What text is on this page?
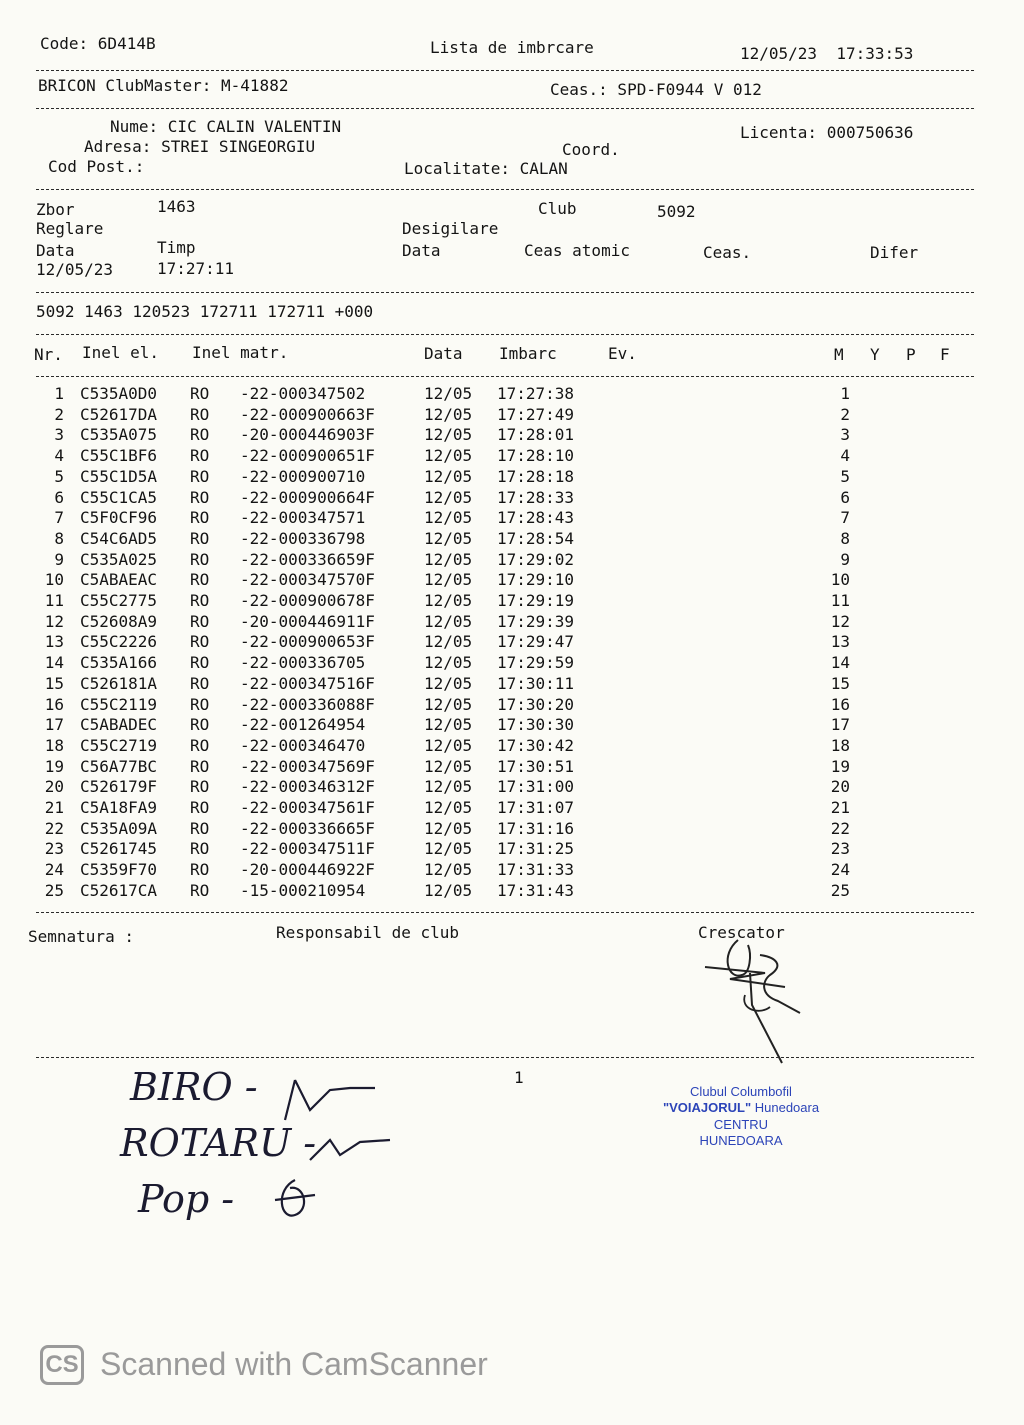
Code: 6D414B	Lista de imbrcare	12/05/23  17:33:53
BRICON ClubMaster: M-41882	Ceas.: SPD-F0944 V 012
Nume: CIC CALIN VALENTIN
Adresa: STREI SINGEORGIU
Cod Post.:
Licenta: 000750636
Coord.
Localitate: CALAN
Zbor	1463	Club	5092
Reglare	Desigilare
Data	Timp	Data	Ceas atomic	Ceas.	Difer
12/05/23	17:27:11
5092 1463 120523 172711 172711 +000
Nr. Inel el. Inel matr.	Data Imbarc	Ev.	M Y P F
1 C535A0D0 RO -22-000347502	12/05 17:27:38	1
2 C52617DA RO -22-000900663F	12/05 17:27:49	2
3 C535A075 RO -20-000446903F	12/05 17:28:01	3
4 C55C1BF6 RO -22-000900651F	12/05 17:28:10	4
5 C55C1D5A RO -22-000900710	12/05 17:28:18	5
6 C55C1CA5 RO -22-000900664F	12/05 17:28:33	6
7 C5F0CF96 RO -22-000347571	12/05 17:28:43	7
8 C54C6AD5 RO -22-000336798	12/05 17:28:54	8
9 C535A025 RO -22-000336659F	12/05 17:29:02	9
10 C5ABAEAC RO -22-000347570F	12/05 17:29:10	10
11 C55C2775 RO -22-000900678F	12/05 17:29:19	11
12 C52608A9 RO -20-000446911F	12/05 17:29:39	12
13 C55C2226 RO -22-000900653F	12/05 17:29:47	13
14 C535A166 RO -22-000336705	12/05 17:29:59	14
15 C526181A RO -22-000347516F	12/05 17:30:11	15
16 C55C2119 RO -22-000336088F	12/05 17:30:20	16
17 C5ABADEC RO -22-001264954	12/05 17:30:30	17
18 C55C2719 RO -22-000346470	12/05 17:30:42	18
19 C56A77BC RO -22-000347569F	12/05 17:30:51	19
20 C526179F RO -22-000346312F	12/05 17:31:00	20
21 C5A18FA9 RO -22-000347561F	12/05 17:31:07	21
22 C535A09A RO -22-000336665F	12/05 17:31:16	22
23 C5261745 RO -22-000347511F	12/05 17:31:25	23
24 C5359F70 RO -20-000446922F	12/05 17:31:33	24
25 C52617CA RO -15-000210954	12/05 17:31:43	25
Semnatura :	Responsabil de club	Crescator
1
BIRO -
ROTARU -
Pop -
Clubul Columbofil
"VOIAJORUL" Hunedoara
CENTRU
HUNEDOARA
CS Scanned with CamScanner
